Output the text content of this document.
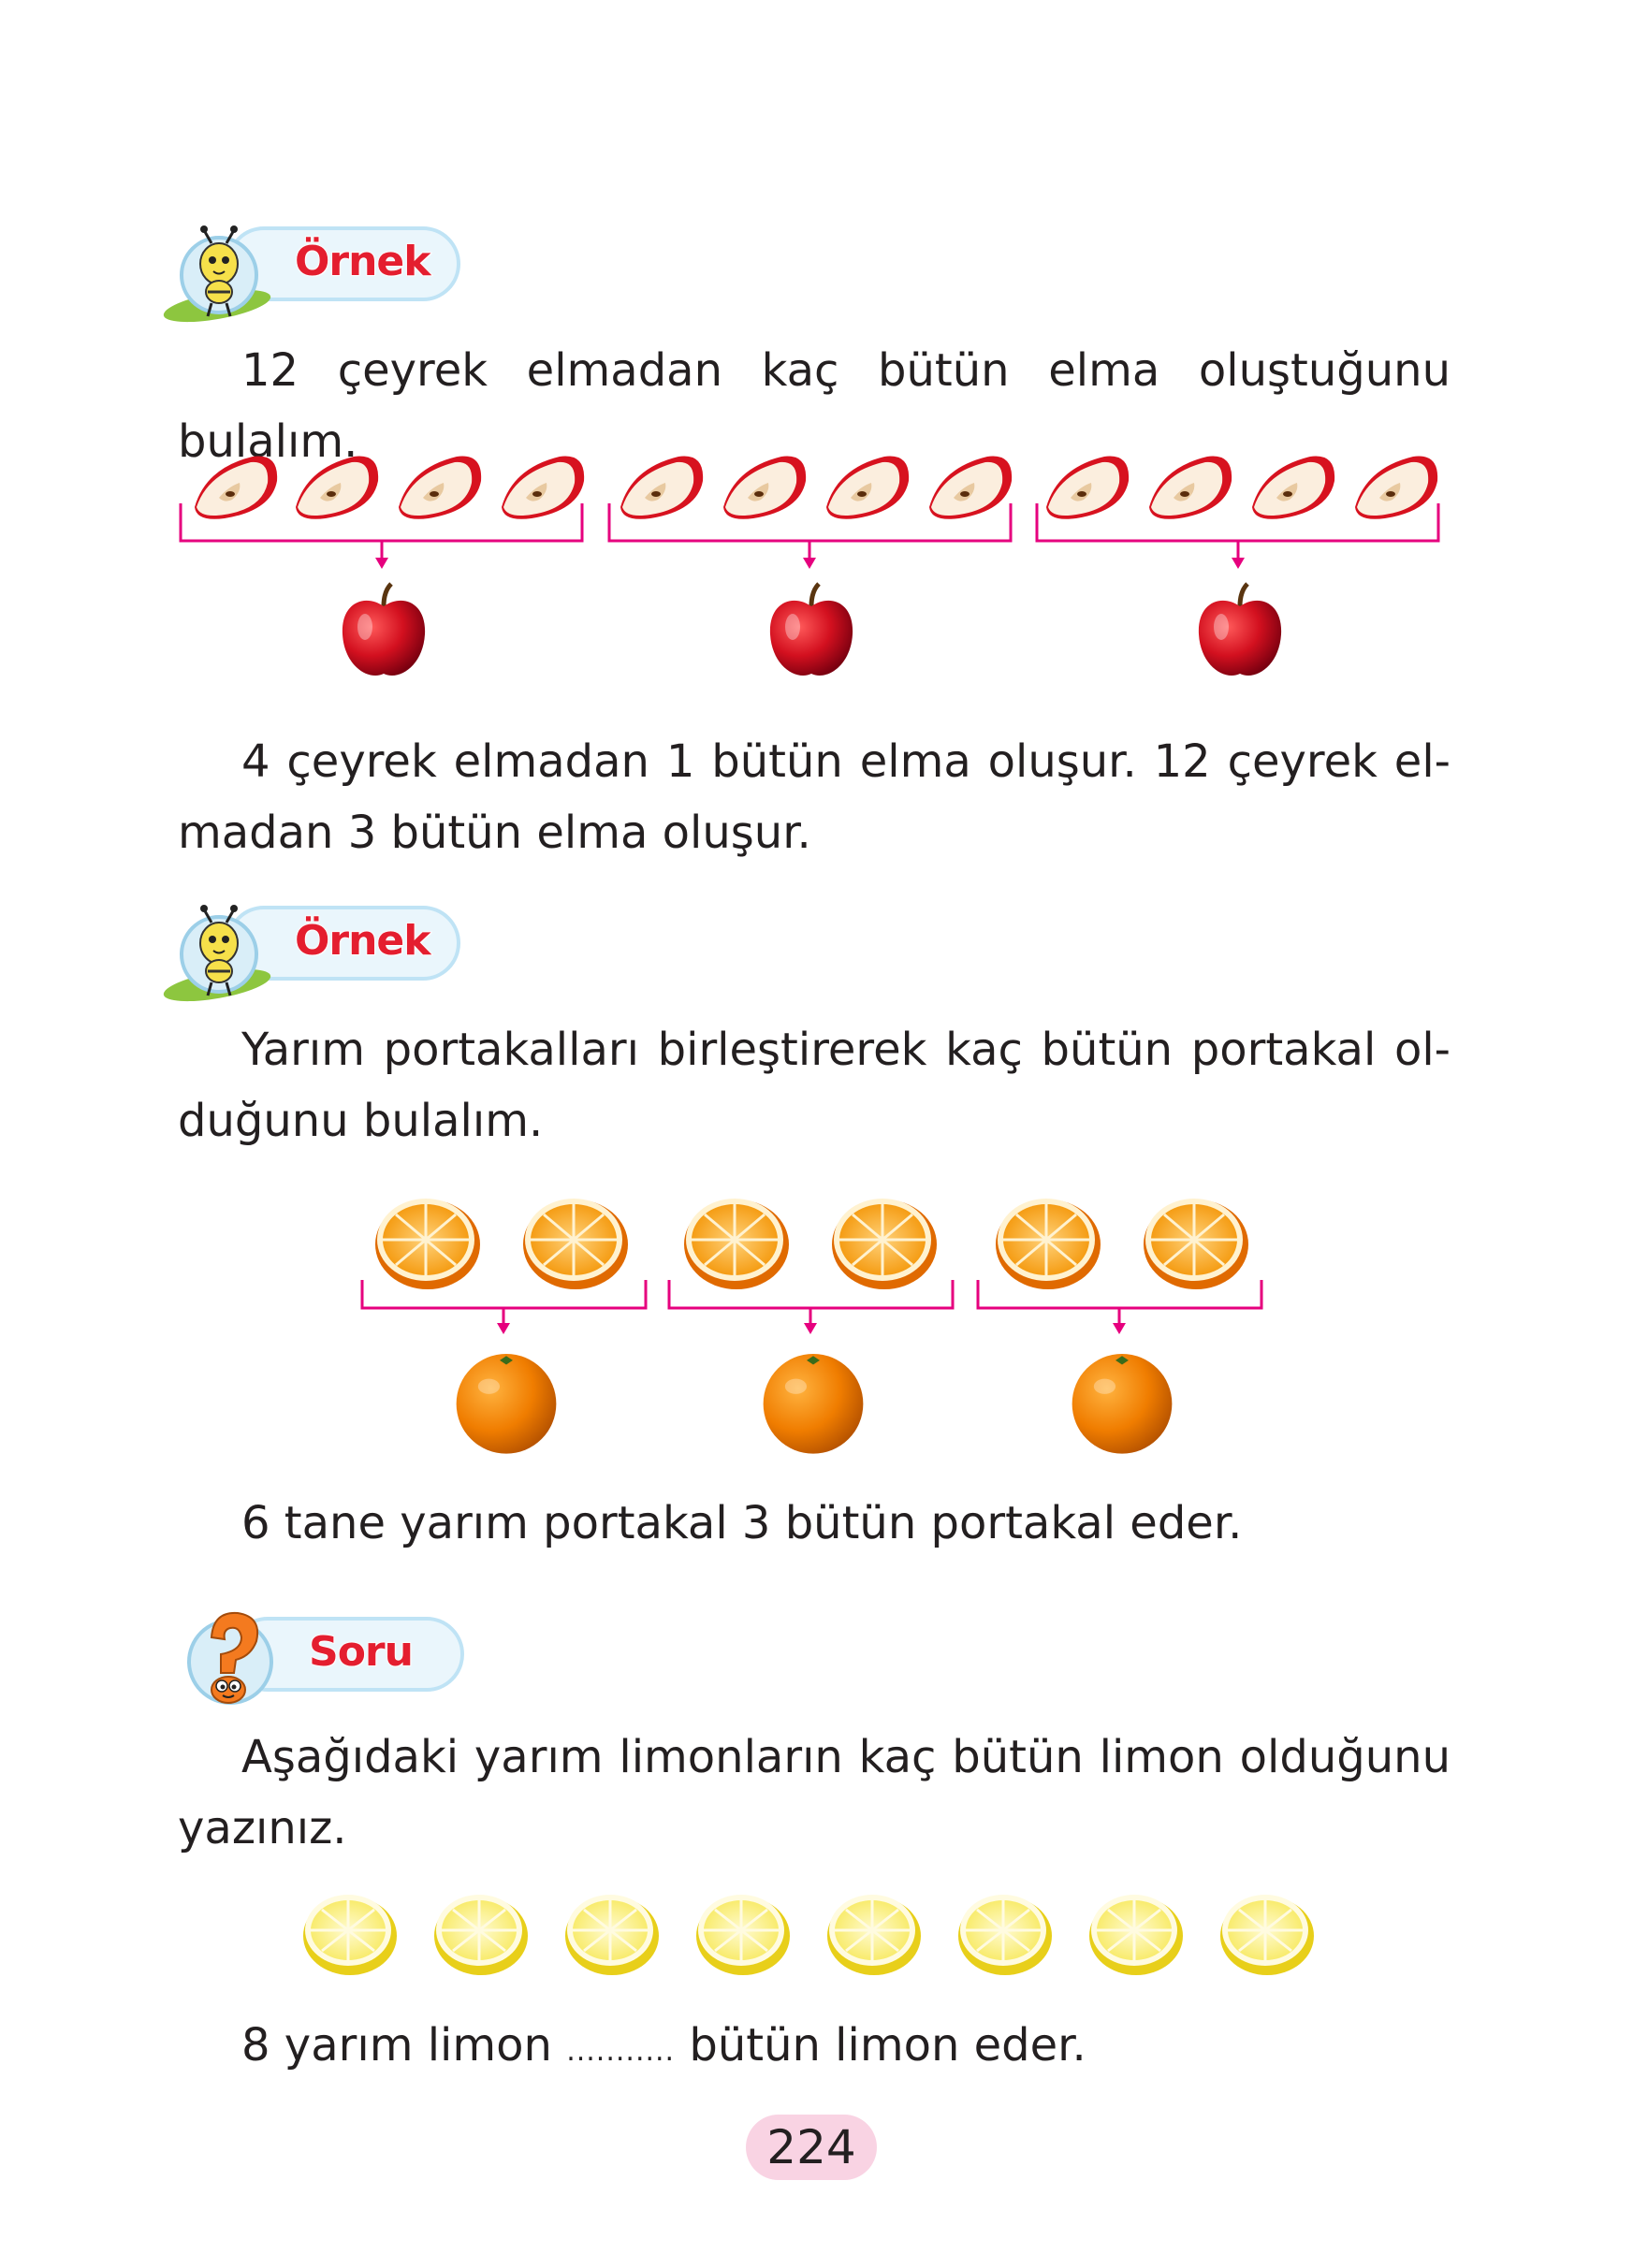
Örnek

12 çeyrek elmadan kaç bütün elma oluştuğunu bulalım.

4 çeyrek elmadan 1 bütün elma oluşur. 12 çeyrek el-

madan 3 bütün elma oluşur.

Örnek

Yarım portakalları birleştirerek kaç bütün portakal ol-

duğunu bulalım.

6 tane yarım portakal 3 bütün portakal eder.

Soru

Aşağıdaki yarım limonların kaç bütün limon olduğunu

yazınız.

8 yarım limon ........... bütün limon eder.

224
